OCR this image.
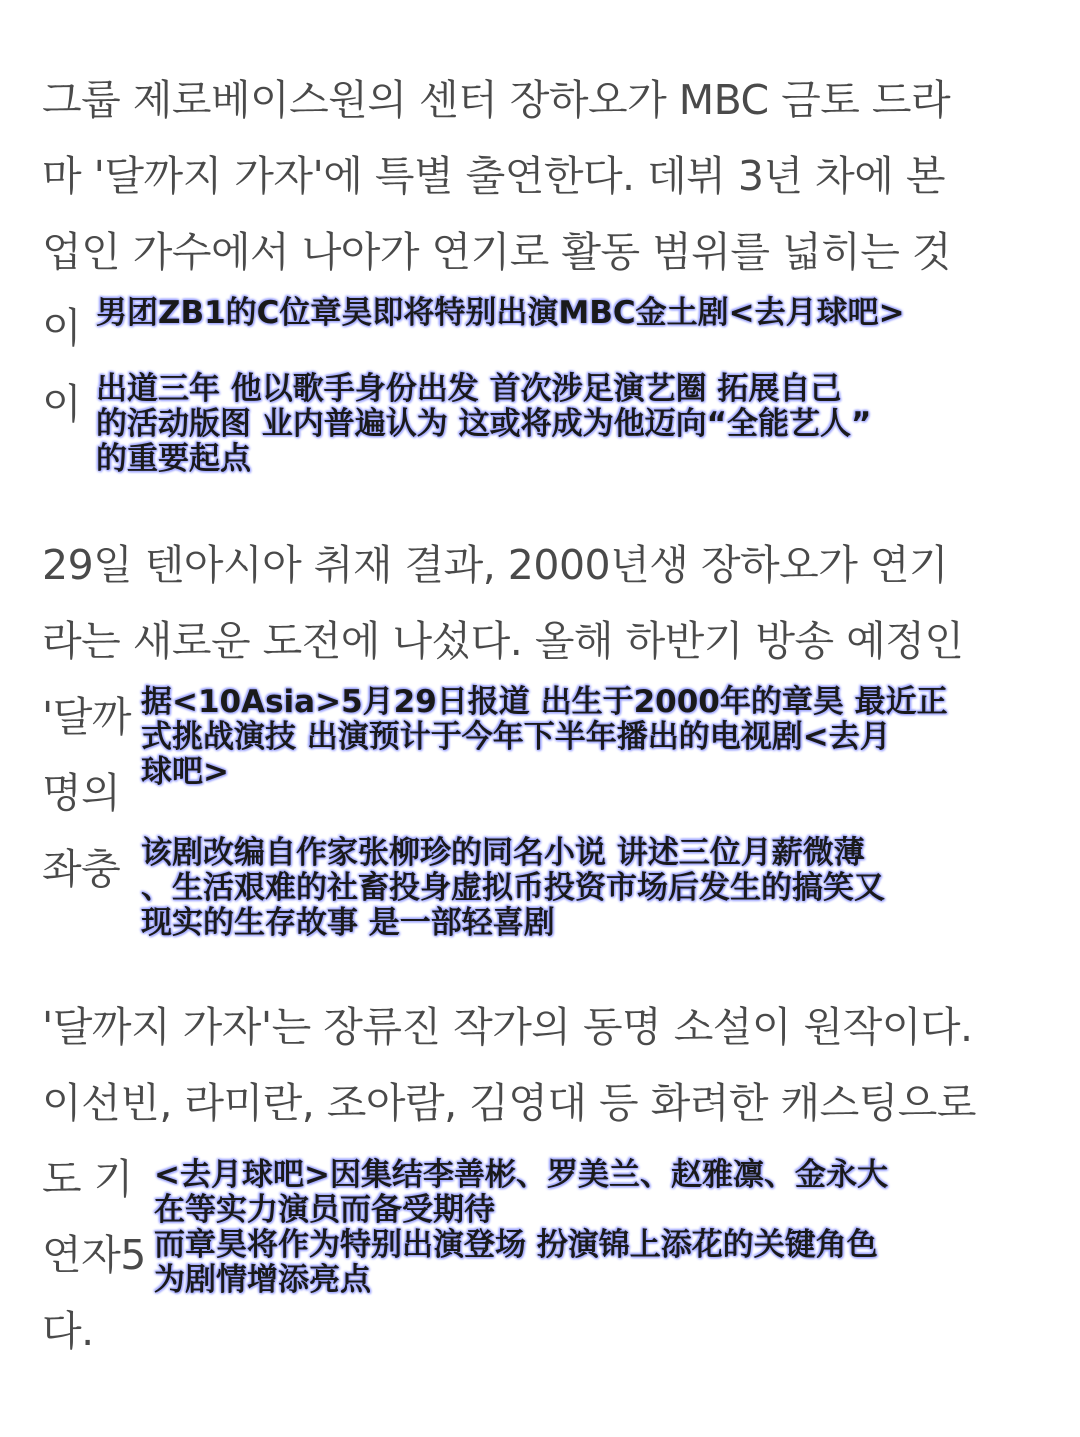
그룹 제로베이스원의 센터 장하오가 MBC 금토 드라

마 '달까지 가자'에 특별 출연한다. 데뷔 3년 차에 본

업인 가수에서 나아가 연기로 활동 범위를 넓히는 것

이

이

29일 텐아시아 취재 결과, 2000년생 장하오가 연기

라는 새로운 도전에 나섰다. 올해 하반기 방송 예정인

'달까

명의

좌충

'달까지 가자'는 장류진 작가의 동명 소설이 원작이다.

이선빈, 라미란, 조아람, 김영대 등 화려한 캐스팅으로

도 기

연자5

다.

男团ZB1的C位章昊即将特别出演MBC金土剧<去月球吧>
出道三年 他以歌手身份出发 首次涉足演艺圈 拓展自己
的活动版图 业内普遍认为 这或将成为他迈向“全能艺人”
的重要起点
据<10Asia>5月29日报道 出生于2000年的章昊 最近正
式挑战演技 出演预计于今年下半年播出的电视剧<去月
球吧>
该剧改编自作家张柳珍的同名小说 讲述三位月薪微薄
、生活艰难的社畜投身虚拟币投资市场后发生的搞笑又
现实的生存故事 是一部轻喜剧
<去月球吧>因集结李善彬、罗美兰、赵雅凛、金永大
在等实力演员而备受期待
而章昊将作为特别出演登场 扮演锦上添花的关键角色
为剧情增添亮点
